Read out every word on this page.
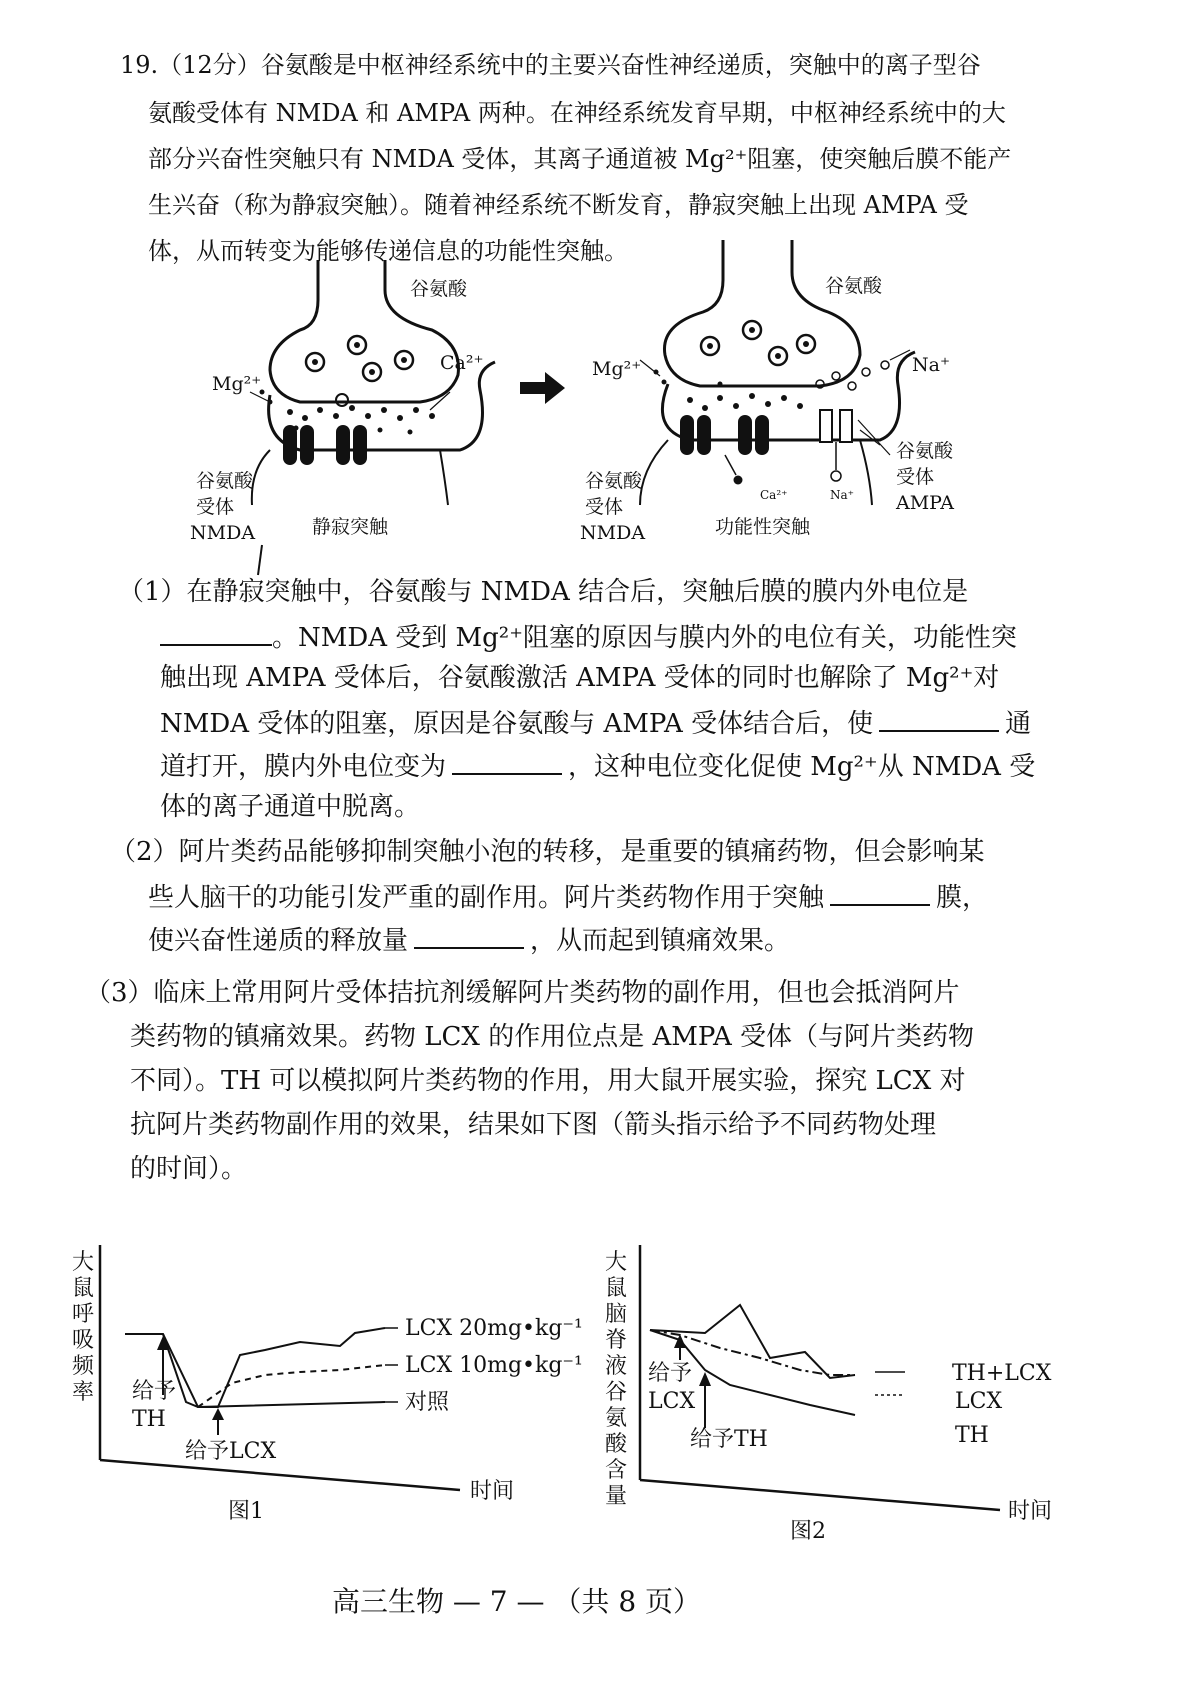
19.（12分）谷氨酸是中枢神经系统中的主要兴奋性神经递质，突触中的离子型谷
氨酸受体有 NMDA 和 AMPA 两种。在神经系统发育早期，中枢神经系统中的大
部分兴奋性突触只有 NMDA 受体，其离子通道被 Mg²⁺阻塞，使突触后膜不能产
生兴奋（称为静寂突触）。随着神经系统不断发育，静寂突触上出现 AMPA 受
体，从而转变为能够传递信息的功能性突触。
谷氨酸
Mg²⁺
Ca²⁺
谷氨酸
受体
NMDA	静寂突触
谷氨酸
Mg²⁺	Na⁺
Na⁺
Ca²⁺
谷氨酸
受体
NMDA	功能性突触
谷氨酸
受体
AMPA
（1）在静寂突触中，谷氨酸与 NMDA 结合后，突触后膜的膜内外电位是
。NMDA 受到 Mg²⁺阻塞的原因与膜内外的电位有关，功能性突
触出现 AMPA 受体后，谷氨酸激活 AMPA 受体的同时也解除了 Mg²⁺对
NMDA 受体的阻塞，原因是谷氨酸与 AMPA 受体结合后，使	通
道打开，膜内外电位变为	，这种电位变化促使 Mg²⁺从 NMDA 受
体的离子通道中脱离。
（2）阿片类药品能够抑制突触小泡的转移，是重要的镇痛药物，但会影响某
些人脑干的功能引发严重的副作用。阿片类药物作用于突触	膜，
使兴奋性递质的释放量	，从而起到镇痛效果。
（3）临床上常用阿片受体拮抗剂缓解阿片类药物的副作用，但也会抵消阿片
类药物的镇痛效果。药物 LCX 的作用位点是 AMPA 受体（与阿片类药物
不同）。TH 可以模拟阿片类药物的作用，用大鼠开展实验，探究 LCX 对
抗阿片类药物副作用的效果，结果如下图（箭头指示给予不同药物处理
的时间）。
大鼠呼吸频率
LCX 20mg•kg⁻¹
LCX 10mg•kg⁻¹
对照
给予
TH
给予LCX
时间
图1
大鼠脑脊液谷氨酸含量
TH+LCX
LCX
TH
给予
LCX
给予TH
时间
图2
高三生物 — 7 — （共 8 页）
